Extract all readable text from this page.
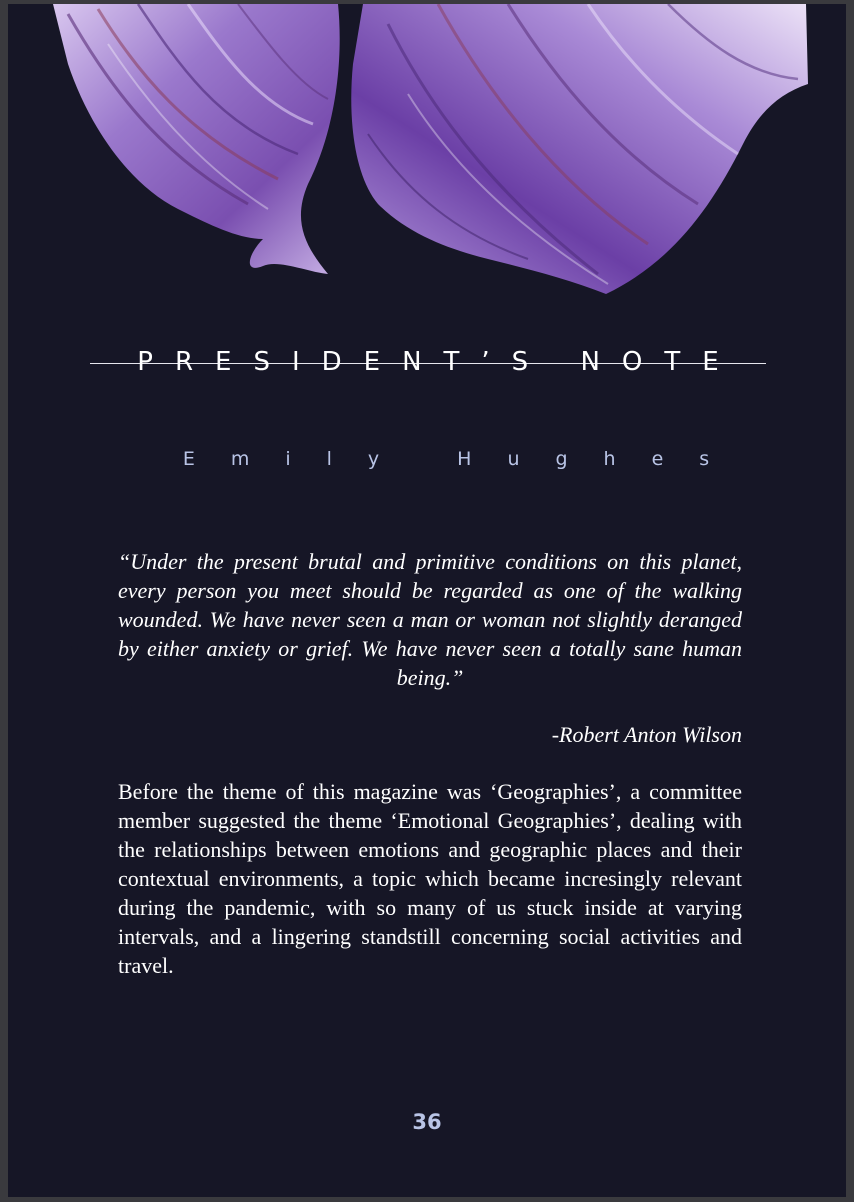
PRESIDENT’S NOTE
Emily Hughes
“Under the present brutal and primitive conditions on this planet, every person you meet should be regarded as one of the walking wounded. We have never seen a man or woman not slightly deranged by either anxiety or grief. We have never seen a totally sane human being.”
-Robert Anton Wilson
Before the theme of this magazine was ‘Geographies’, a committee member suggested the theme ‘Emotional Geographies’, dealing with the relationships between emotions and geographic places and their contextual environments, a topic which became incresingly relevant during the pandemic, with so many of us stuck inside at varying intervals, and a lingering standstill concerning social activities and travel.
36
